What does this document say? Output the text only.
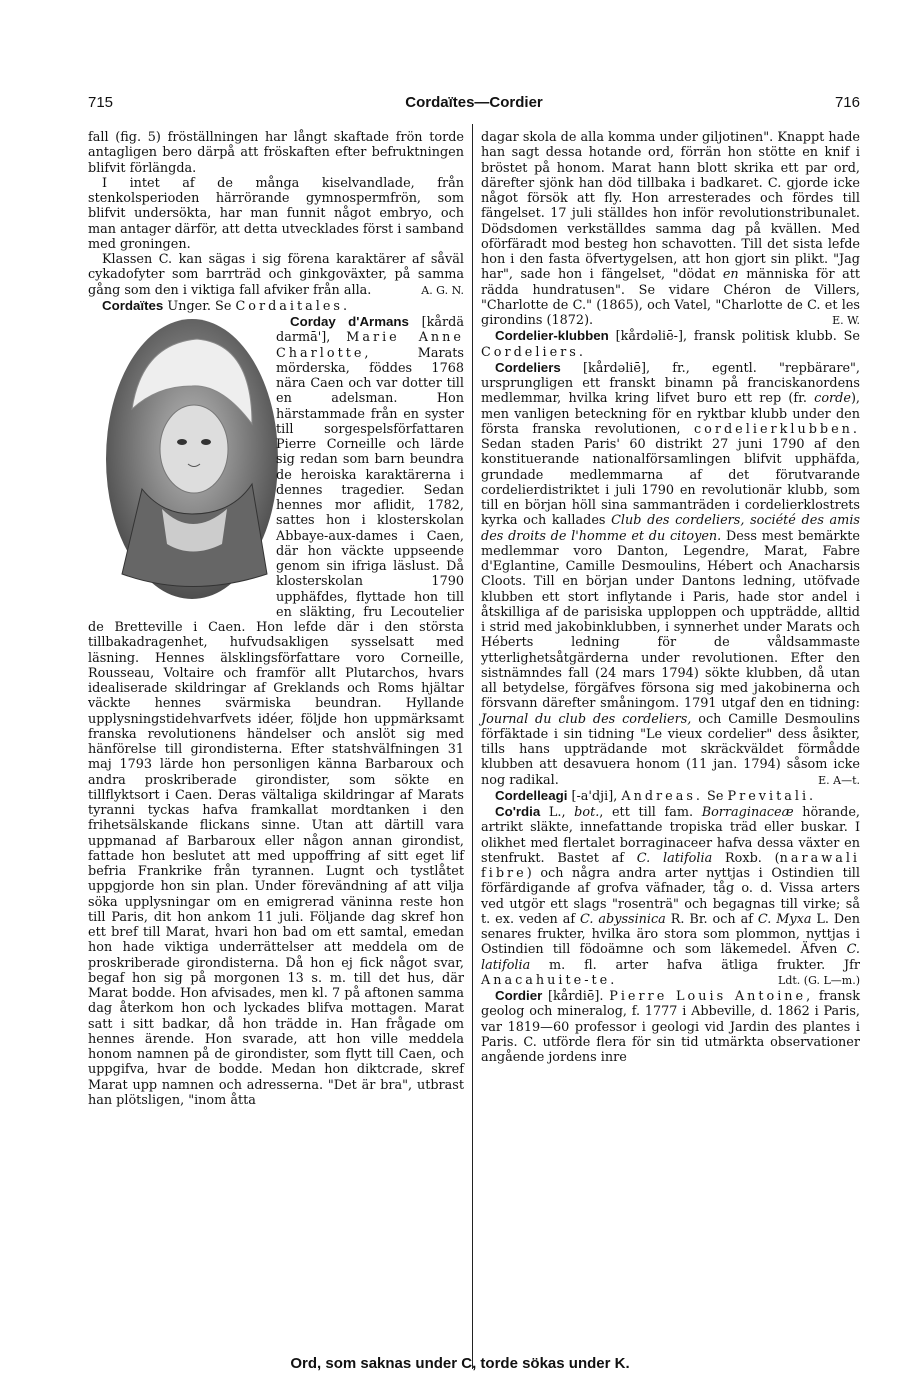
715	Cordaïtes—Cordier	716

fall (fig. 5) fröställningen har långt skaftade frön torde antagligen bero därpå att fröskaften efter befruktningen blifvit förlängda.

I intet af de många kiselvandlade, från stenkolsperioden härrörande gymnospermfrön, som blifvit undersökta, har man funnit något embryo, och man antager därför, att detta utvecklades först i samband med groningen.

Klassen C. kan sägas i sig förena karaktärer af såväl cykadofyter som barrträd och ginkgoväxter, på samma gång som den i viktiga fall afviker från alla.	A. G. N.

Cordaïtes Unger. Se Cordaitales.

Corday d'Armans [kårdä darmā'], Marie Anne Charlotte, Marats mörderska, föddes 1768 nära Caen och var dotter till en adelsman. Hon härstammade från en syster till sorgespelsförfattaren Pierre Corneille och lärde sig redan som barn beundra de heroiska karaktärerna i dennes tragedier. Sedan hennes mor aflidit, 1782, sattes hon i klosterskolan Abbaye-aux-dames i Caen, där hon väckte uppseende genom sin ifriga läslust. Då klosterskolan 1790 upphäfdes, flyttade hon till en släkting, fru Lecoutelier de Bretteville i Caen. Hon lefde där i den största tillbakadragenhet, hufvudsakligen sysselsatt med läsning. Hennes älsklingsförfattare voro Corneille, Rousseau, Voltaire och framför allt Plutarchos, hvars idealiserade skildringar af Greklands och Roms hjältar väckte hennes svärmiska beundran. Hyllande upplysningstidehvarfvets idéer, följde hon uppmärksamt franska revolutionens händelser och anslöt sig med hänförelse till girondisterna. Efter statshvälfningen 31 maj 1793 lärde hon personligen känna Barbaroux och andra proskriberade girondister, som sökte en tillflyktsort i Caen. Deras vältaliga skildringar af Marats tyranni tyckas hafva framkallat mordtanken i den frihetsälskande flickans sinne. Utan att därtill vara uppmanad af Barbaroux eller någon annan girondist, fattade hon beslutet att med uppoffring af sitt eget lif befria Frankrike från tyrannen. Lugnt och tystlåtet uppgjorde hon sin plan. Under förevändning af att vilja söka upplysningar om en emigrerad väninna reste hon till Paris, dit hon ankom 11 juli. Följande dag skref hon ett bref till Marat, hvari hon bad om ett samtal, emedan hon hade viktiga underrättelser att meddela om de proskriberade girondisterna. Då hon ej fick något svar, begaf hon sig på morgonen 13 s. m. till det hus, där Marat bodde. Hon afvisades, men kl. 7 på aftonen samma dag återkom hon och lyckades blifva mottagen. Marat satt i sitt badkar, då hon trädde in. Han frågade om hennes ärende. Hon svarade, att hon ville meddela honom namnen på de girondister, som flytt till Caen, och uppgifva, hvar de bodde. Medan hon diktcrade, skref Marat upp namnen och adresserna. "Det är bra", utbrast han plötsligen, "inom åtta

dagar skola de alla komma under giljotinen". Knappt hade han sagt dessa hotande ord, förrän hon stötte en knif i bröstet på honom. Marat hann blott skrika ett par ord, därefter sjönk han död tillbaka i badkaret. C. gjorde icke något försök att fly. Hon arresterades och fördes till fängelset. 17 juli ställdes hon inför revolutionstribunalet. Dödsdomen verkställdes samma dag på kvällen. Med oförfäradt mod besteg hon schavotten. Till det sista lefde hon i den fasta öfvertygelsen, att hon gjort sin plikt. "Jag har", sade hon i fängelset, "dödat en människa för att rädda hundratusen". Se vidare Chéron de Villers, "Charlotte de C." (1865), och Vatel, "Charlotte de C. et les girondins (1872).	E. W.

Cordelier-klubben [kårdəliē-], fransk politisk klubb. Se Cordeliers.

Cordeliers [kårdəliē], fr., egentl. "repbärare", ursprungligen ett franskt binamn på franciskanordens medlemmar, hvilka kring lifvet buro ett rep (fr. corde), men vanligen beteckning för en ryktbar klubb under den första franska revolutionen, cordelierklubben. Sedan staden Paris' 60 distrikt 27 juni 1790 af den konstituerande nationalförsamlingen blifvit upphäfda, grundade medlemmarna af det förutvarande cordelierdistriktet i juli 1790 en revolutionär klubb, som till en början höll sina sammanträden i cordelierklostrets kyrka och kallades Club des cordeliers, société des amis des droits de l'homme et du citoyen. Dess mest bemärkte medlemmar voro Danton, Legendre, Marat, Fabre d'Eglantine, Camille Desmoulins, Hébert och Anacharsis Cloots. Till en början under Dantons ledning, utöfvade klubben ett stort inflytande i Paris, hade stor andel i åtskilliga af de parisiska upploppen och uppträdde, alltid i strid med jakobinklubben, i synnerhet under Marats och Héberts ledning för de våldsammaste ytterlighetsåtgärderna under revolutionen. Efter den sistnämndes fall (24 mars 1794) sökte klubben, då utan all betydelse, förgäfves försona sig med jakobinerna och försvann därefter småningom. 1791 utgaf den en tidning: Journal du club des cordeliers, och Camille Desmoulins förfäktade i sin tidning "Le vieux cordelier" dess åsikter, tills hans uppträdande mot skräckväldet förmådde klubben att desavuera honom (11 jan. 1794) såsom icke nog radikal.	E. A—t.

Cordelleagi [-a'dji], Andreas. Se Previtali.

Co'rdia L., bot., ett till fam. Borraginaceæ hörande, artrikt släkte, innefattande tropiska träd eller buskar. I olikhet med flertalet borraginaceer hafva dessa växter en stenfrukt. Bastet af C. latifolia Roxb. (narawali fibre) och några andra arter nyttjas i Ostindien till förfärdigande af grofva väfnader, tåg o. d. Vissa arters ved utgör ett slags "rosenträ" och begagnas till virke; så t. ex. veden af C. abyssinica R. Br. och af C. Myxa L. Den senares frukter, hvilka äro stora som plommon, nyttjas i Ostindien till födoämne och som läkemedel. Äfven C. latifolia m. fl. arter hafva ätliga frukter. Jfr Anacahuite-te.	Ldt. (G. L—m.)

Cordier [kårdiē]. Pierre Louis Antoine, fransk geolog och mineralog, f. 1777 i Abbeville, d. 1862 i Paris, var 1819—60 professor i geologi vid Jardin des plantes i Paris. C. utförde flera för sin tid utmärkta observationer angående jordens inre

Ord, som saknas under C, torde sökas under K.
